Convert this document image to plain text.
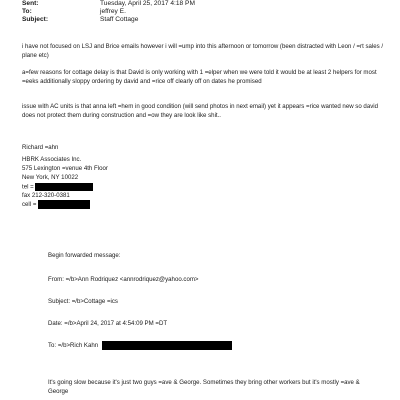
Sent:	Tuesday, April 25, 2017 4:18 PM
To:	jeffrey E.
Subject:	Staff Cottage
i have not focused on LSJ and Brice emails however i will =ump into this afternoon or tomorrow (been distracted with Leon / =rt sales / plane etc)
a=few reasons for cottage delay is that David is only working with 1 =elper when we were told it would be at least 2 helpers for most =eeks additionally sloppy ordering by david and =rice off clearly off on dates he promised
issue with AC units is that anna left =hem in good condition (will send photos in next email) yet it appears =rice wanted new so david does not protect them during construction and =ow they are look like shit..
Richard =ahn
HBRK Associates Inc.
575 Lexington =venue 4th Floor
New York, NY 10022
tel =
fax 212-320-0381
cell =
Begin forwarded message:
From: =/b>Ann Rodriquez <annrodriquez@yahoo.com>
Subject: =/b>Cottage =ics
Date: =/b>April 24, 2017 at 4:54:09 PM =DT
To: =/b>Rich Kahn
It's going slow because it's just two guys =ave & George. Sometimes they bring other workers but it's mostly =ave & George
